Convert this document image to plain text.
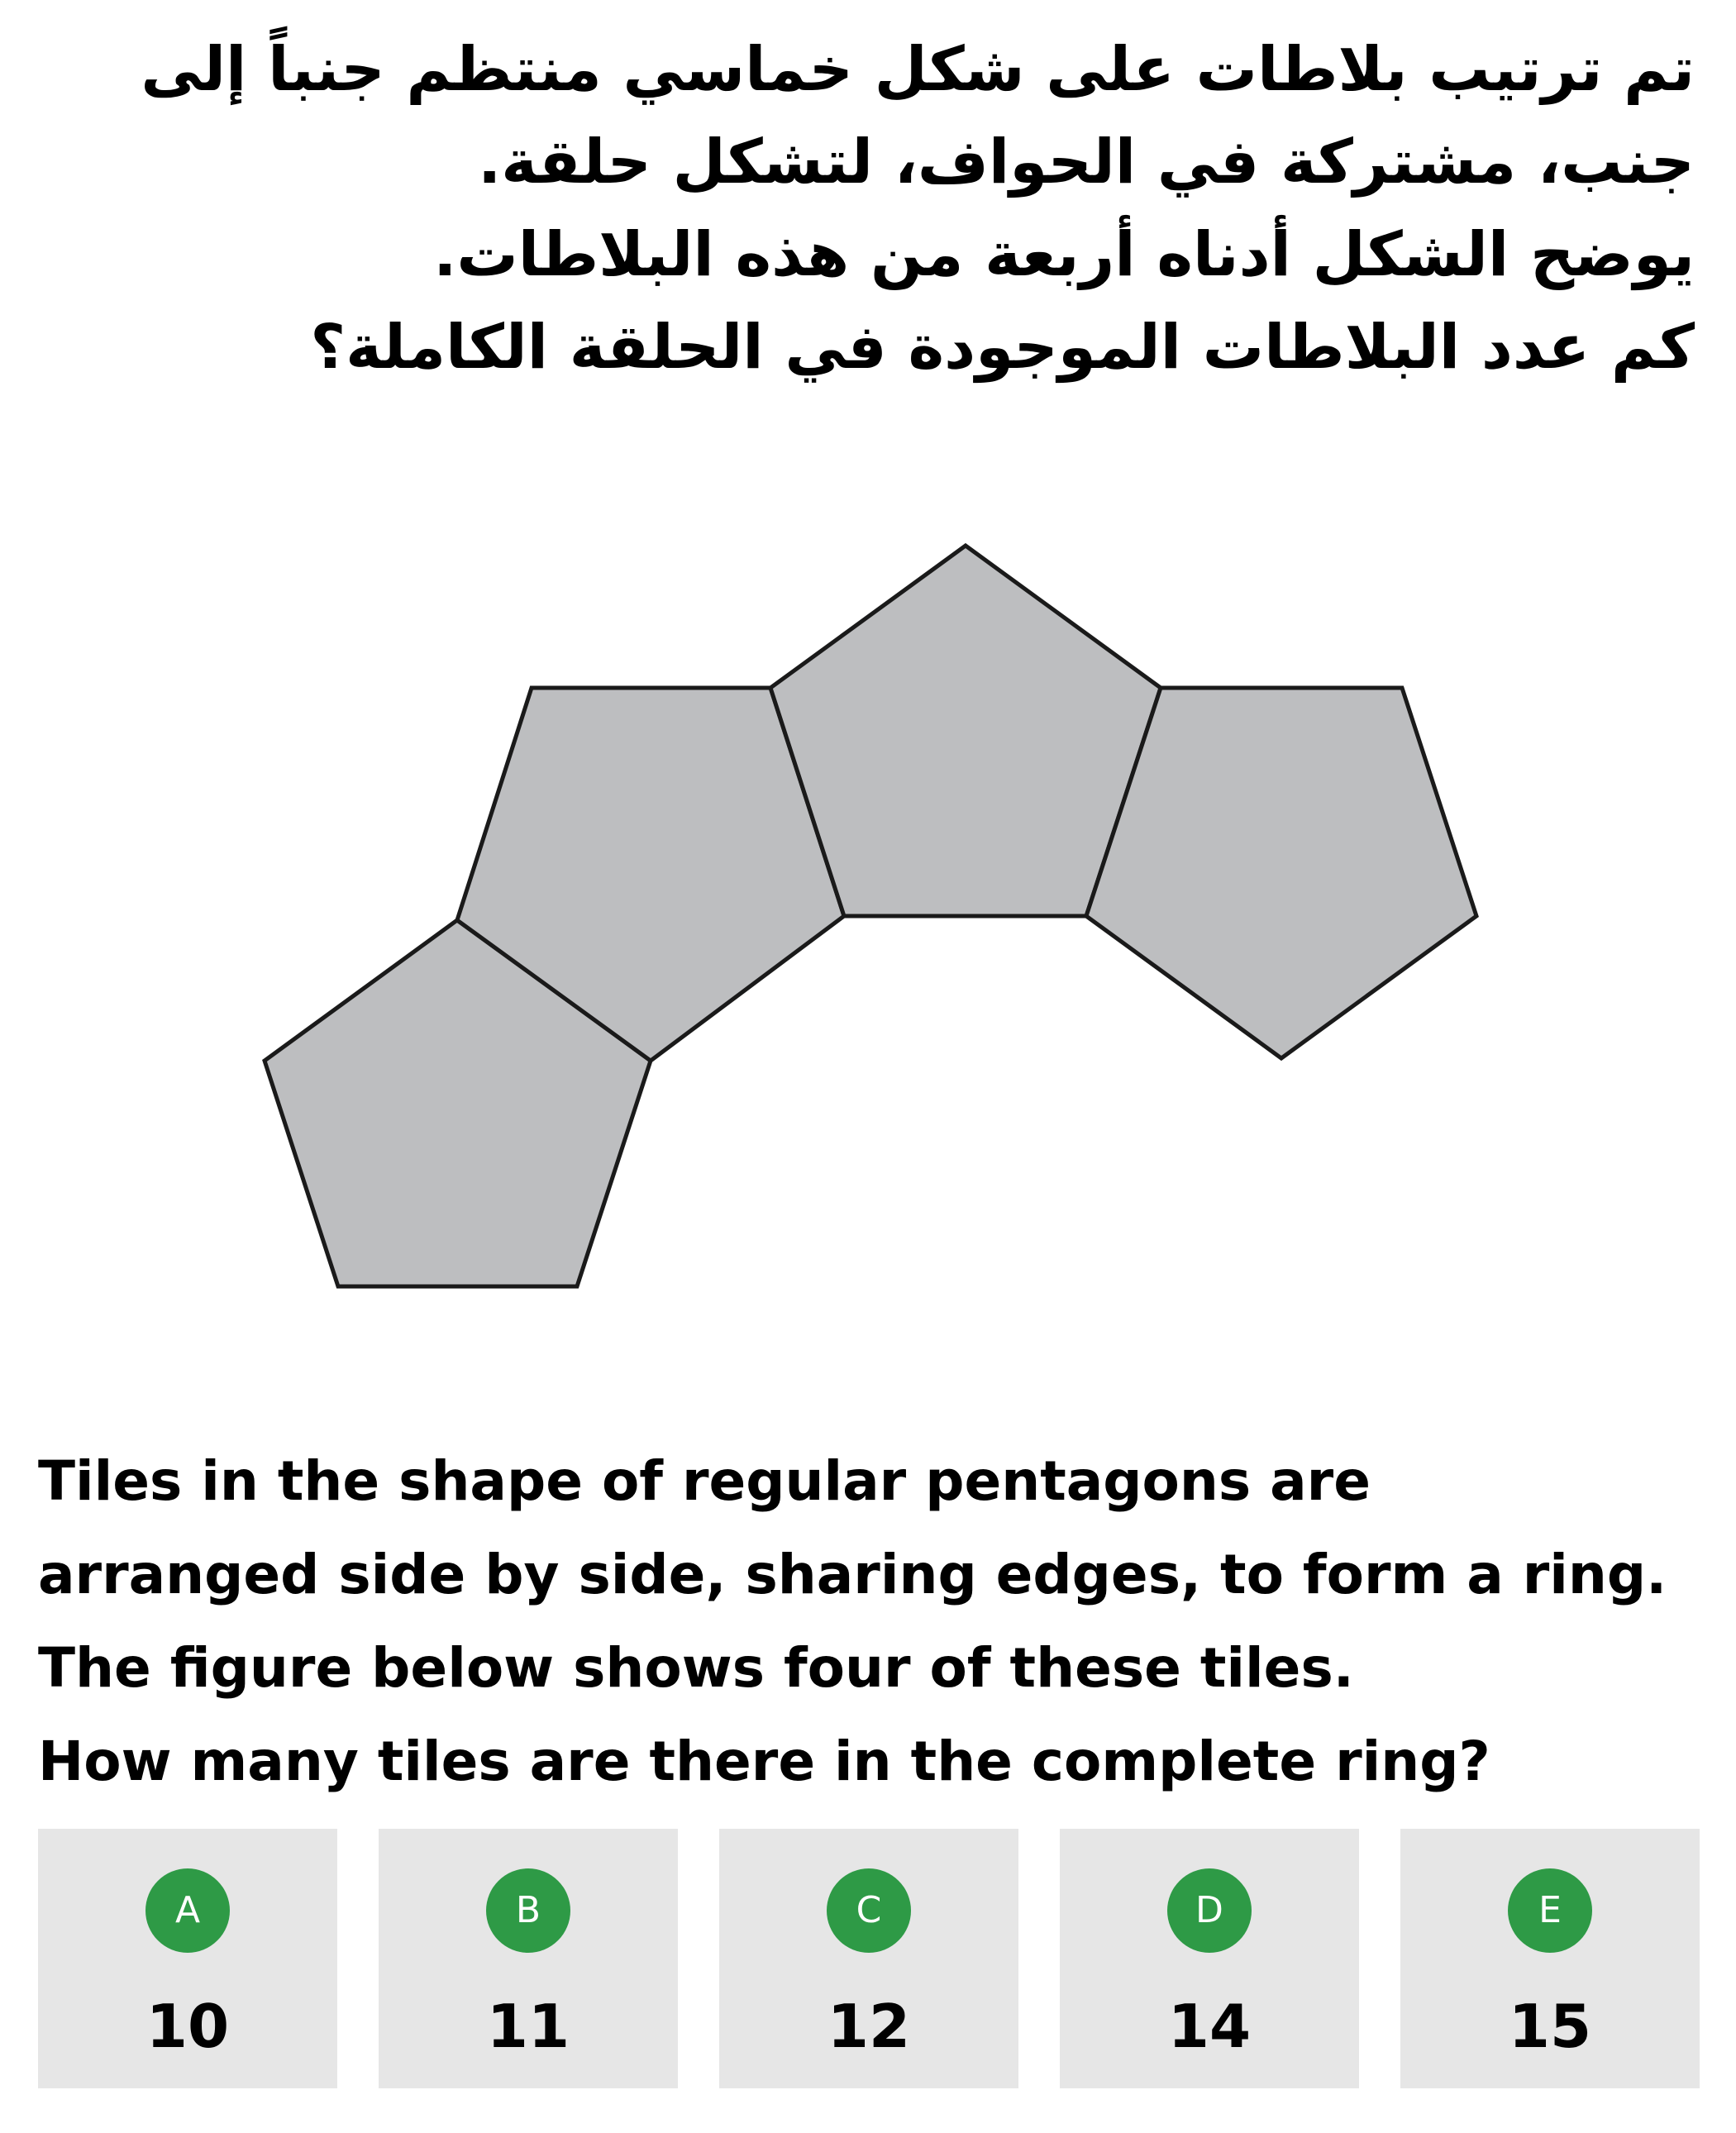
تم ترتيب بلاطات على شكل خماسي منتظم جنباً إلى
جنب، مشتركة في الحواف، لتشكل حلقة.
يوضح الشكل أدناه أربعة من هذه البلاطات.
كم عدد البلاطات الموجودة في الحلقة الكاملة؟
Tiles in the shape of regular pentagons are
arranged side by side, sharing edges, to form a ring.
The figure below shows four of these tiles.
How many tiles are there in the complete ring?
A
10
B
11
C
12
D
14
E
15
